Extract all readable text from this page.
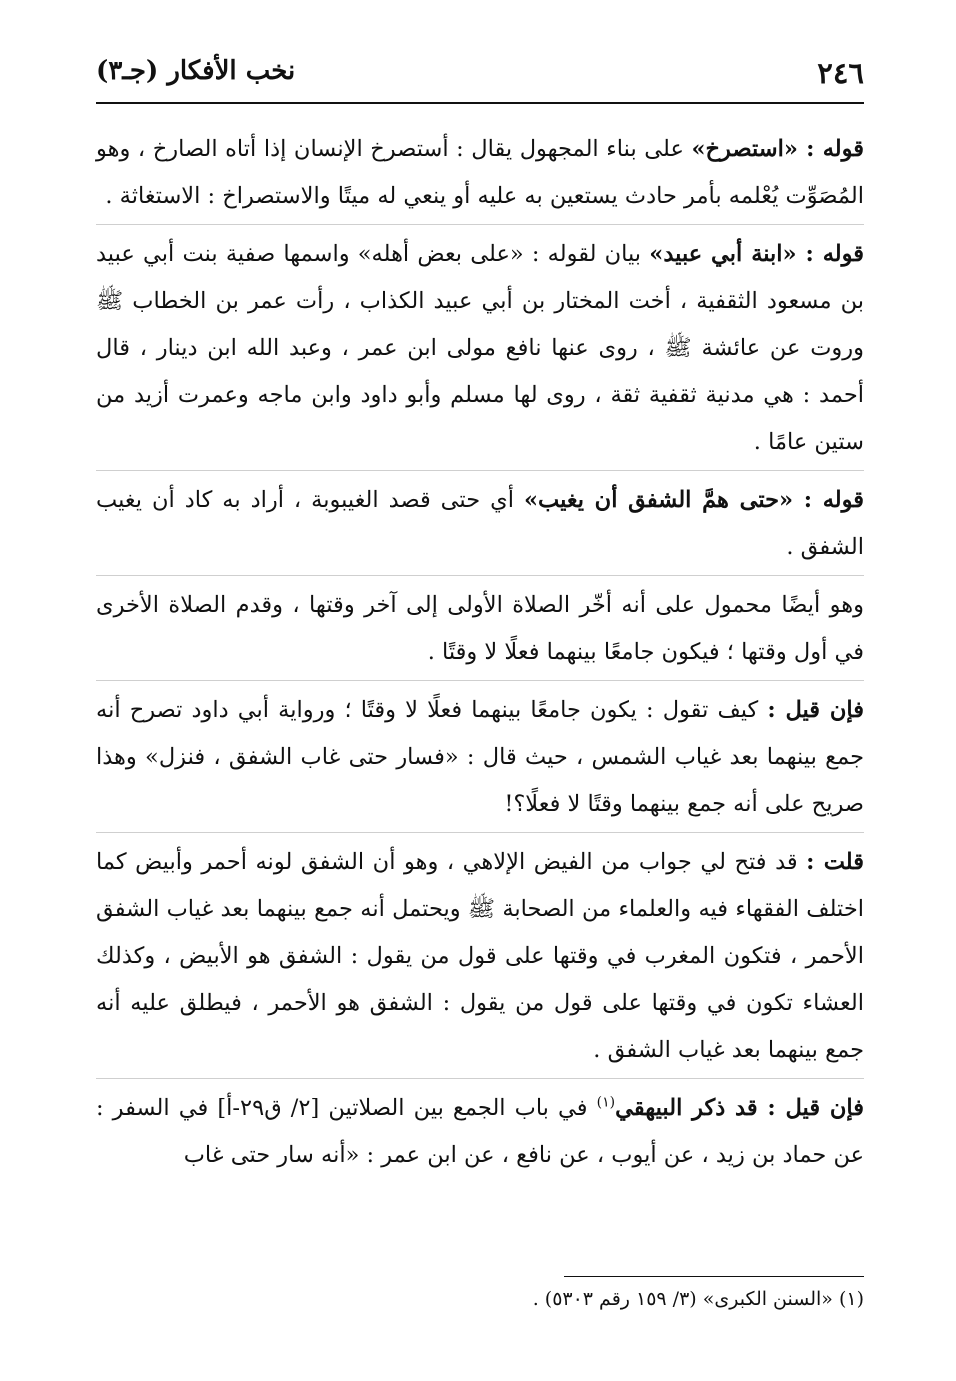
٢٤٦
نخب الأفكار (جـ٣)

قوله : «استصرخ» على بناء المجهول يقال : أستصرخ الإنسان إذا أتاه الصارخ ، وهو المُصَوِّت يُعْلمه بأمر حادث يستعين به عليه أو ينعي له ميتًا والاستصراخ : الاستغاثة .

قوله : «ابنة أبي عبيد» بيان لقوله : «على بعض أهله» واسمها صفية بنت أبي عبيد بن مسعود الثقفية ، أخت المختار بن أبي عبيد الكذاب ، رأت عمر بن الخطاب ﷺ وروت عن عائشة ﷺ ، روى عنها نافع مولى ابن عمر ، وعبد الله ابن دينار ، قال أحمد : هي مدنية ثقفية ثقة ، روى لها مسلم وأبو داود وابن ماجه وعمرت أزيد من ستين عامًا .

قوله : «حتى همَّ الشفق أن يغيب» أي حتى قصد الغيبوبة ، أراد به كاد أن يغيب الشفق .

وهو أيضًا محمول على أنه أخّر الصلاة الأولى إلى آخر وقتها ، وقدم الصلاة الأخرى في أول وقتها ؛ فيكون جامعًا بينهما فعلًا لا وقتًا .

فإن قيل : كيف تقول : يكون جامعًا بينهما فعلًا لا وقتًا ؛ ورواية أبي داود تصرح أنه جمع بينهما بعد غياب الشمس ، حيث قال : «فسار حتى غاب الشفق ، فنزل» وهذا صريح على أنه جمع بينهما وقتًا لا فعلًا؟!

قلت : قد فتح لي جواب من الفيض الإلاهي ، وهو أن الشفق لونه أحمر وأبيض كما اختلف الفقهاء فيه والعلماء من الصحابة ﷺ ويحتمل أنه جمع بينهما بعد غياب الشفق الأحمر ، فتكون المغرب في وقتها على قول من يقول : الشفق هو الأبيض ، وكذلك العشاء تكون في وقتها على قول من يقول : الشفق هو الأحمر ، فيطلق عليه أنه جمع بينهما بعد غياب الشفق .

فإن قيل : قد ذكر البيهقي$^{(١)}$ في باب الجمع بين الصلاتين [٢/ ق٢٩-أ] في السفر : عن حماد بن زيد ، عن أيوب ، عن نافع ، عن ابن عمر : «أنه سار حتى غاب

(١) «السنن الكبرى» (٣/ ١٥٩ رقم ٥٣٠٣) .
